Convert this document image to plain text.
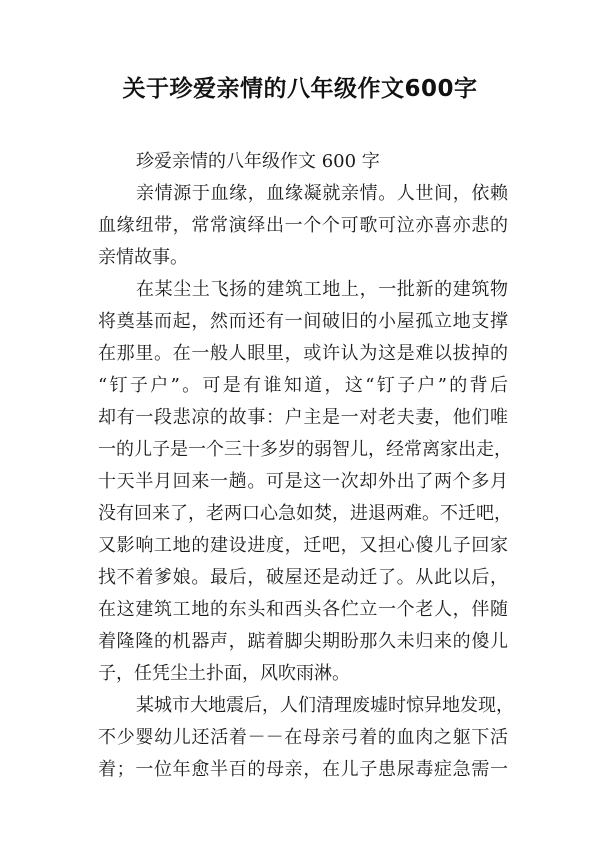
关于珍爱亲情的八年级作文600字
珍爱亲情的八年级作文 600 字
亲情源于血缘，血缘凝就亲情。人世间，依赖
血缘纽带，常常演绎出一个个可歌可泣亦喜亦悲的
亲情故事。
在某尘土飞扬的建筑工地上，一批新的建筑物
将奠基而起，然而还有一间破旧的小屋孤立地支撑
在那里。在一般人眼里，或许认为这是难以拔掉的
“钉子户”。可是有谁知道，这“钉子户”的背后
却有一段悲凉的故事：户主是一对老夫妻，他们唯
一的儿子是一个三十多岁的弱智儿，经常离家出走，
十天半月回来一趟。可是这一次却外出了两个多月
没有回来了，老两口心急如焚，进退两难。不迁吧，
又影响工地的建设进度，迁吧，又担心傻儿子回家
找不着爹娘。最后，破屋还是动迁了。从此以后，
在这建筑工地的东头和西头各伫立一个老人，伴随
着隆隆的机器声，踮着脚尖期盼那久未归来的傻儿
子，任凭尘土扑面，风吹雨淋。
某城市大地震后，人们清理废墟时惊异地发现，
不少婴幼儿还活着－－在母亲弓着的血肉之躯下活
着；一位年愈半百的母亲，在儿子患尿毒症急需一
